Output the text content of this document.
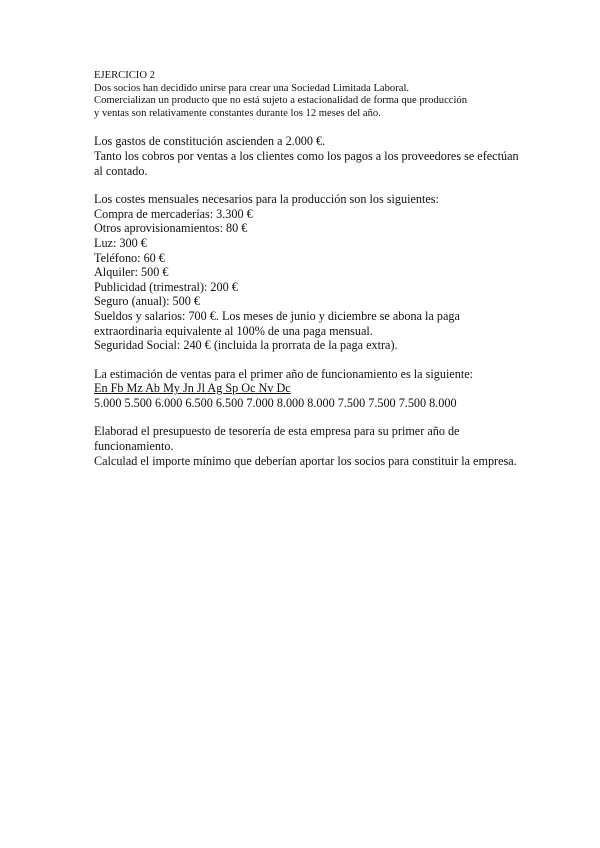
EJERCICIO 2

Dos socios han decidido unirse para crear una Sociedad Limitada Laboral.

Comercializan un producto que no está sujeto a estacionalidad de forma que producción

y ventas son relativamente constantes durante los 12 meses del año.

Los gastos de constitución ascienden a 2.000 €.

Tanto los cobros por ventas a los clientes como los pagos a los proveedores se efectúan

al contado.

Los costes mensuales necesarios para la producción son los siguientes:

Compra de mercaderías: 3.300 €

Otros aprovisionamientos: 80 €

Luz: 300 €

Teléfono: 60 €

Alquiler: 500 €

Publicidad (trimestral): 200 €

Seguro (anual): 500 €

Sueldos y salarios: 700 €. Los meses de junio y diciembre se abona la paga

extraordinaria equivalente al 100% de una paga mensual.

Seguridad Social: 240 € (incluida la prorrata de la paga extra).

La estimación de ventas para el primer año de funcionamiento es la siguiente:

En Fb Mz Ab My Jn Jl Ag Sp Oc Nv Dc

5.000 5.500 6.000 6.500 6.500 7.000 8.000 8.000 7.500 7.500 7.500 8.000

Elaborad el presupuesto de tesorería de esta empresa para su primer año de

funcionamiento.

Calculad el importe mínimo que deberían aportar los socios para constituir la empresa.
